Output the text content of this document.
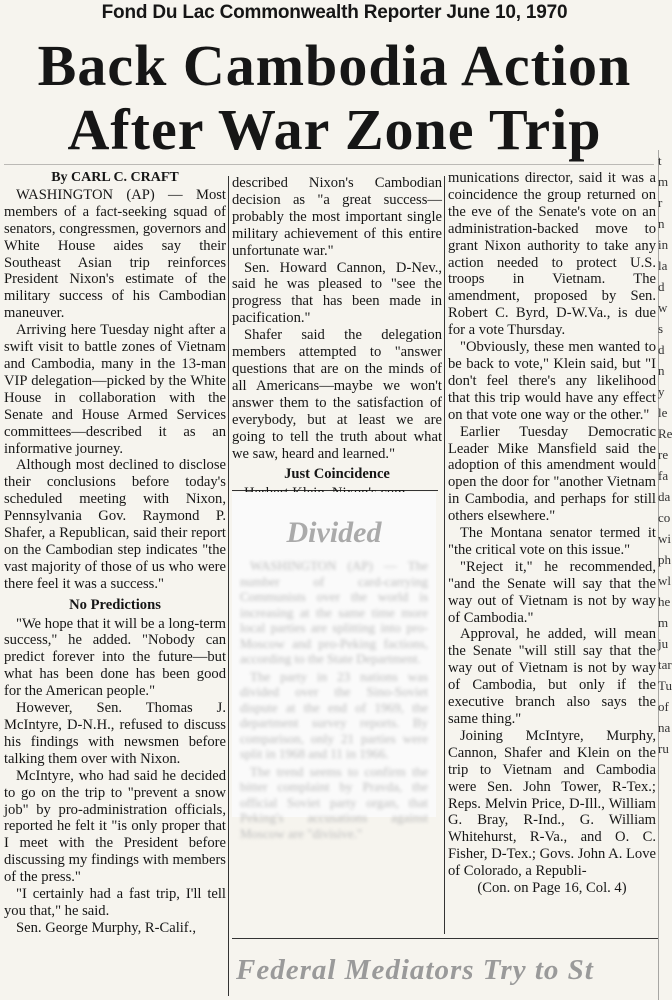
Fond Du Lac Commonwealth Reporter June 10, 1970
Back Cambodia Action
After War Zone Trip

By CARL C. CRAFT

WASHINGTON (AP) — Most members of a fact-seeking squad of senators, congressmen, governors and White House aides say their Southeast Asian trip reinforces President Nixon's estimate of the military success of his Cambodian maneuver.

Arriving here Tuesday night after a swift visit to battle zones of Vietnam and Cambodia, many in the 13-man VIP delegation—picked by the White House in collaboration with the Senate and House Armed Services committees—described it as an informative journey.

Although most declined to disclose their conclusions before today's scheduled meeting with Nixon, Pennsylvania Gov. Raymond P. Shafer, a Republican, said their report on the Cambodian step indicates "the vast majority of those of us who were there feel it was a success."

No Predictions

"We hope that it will be a long-term success," he added. "Nobody can predict forever into the future—but what has been done has been good for the American people."

However, Sen. Thomas J. McIntyre, D-N.H., refused to discuss his findings with newsmen before talking them over with Nixon.

McIntyre, who had said he decided to go on the trip to "prevent a snow job" by pro-administration officials, reported he felt it "is only proper that I meet with the President before discussing my findings with members of the press."

"I certainly had a fast trip, I'll tell you that," he said.

Sen. George Murphy, R-Calif.,

described Nixon's Cambodian decision as "a great success—probably the most important single military achievement of this entire unfortunate war."

Sen. Howard Cannon, D-Nev., said he was pleased to "see the progress that has been made in pacification."

Shafer said the delegation members attempted to "answer questions that are on the minds of all Americans—maybe we won't answer them to the satisfaction of everybody, but at least we are going to tell the truth about what we saw, heard and learned."

Just Coincidence

Divided

WASHINGTON (AP) — The number of card-carrying Communists over the world is increasing at the same time more local parties are splitting into pro-Moscow and pro-Peking factions, according to the State Department.

The party in 23 nations was divided over the Sino-Soviet dispute at the end of 1969, the department survey reports. By comparison, only 21 parties were split in 1968 and 11 in 1966.

The trend seems to confirm the bitter complaint by Pravda, the official Soviet party organ, that Peking's accusations against Moscow are "divisive."

munications director, said it was a coincidence the group returned on the eve of the Senate's vote on an administration-backed move to grant Nixon authority to take any action needed to protect U.S. troops in Vietnam. The amendment, proposed by Sen. Robert C. Byrd, D-W.Va., is due for a vote Thursday.

"Obviously, these men wanted to be back to vote," Klein said, but "I don't feel there's any likelihood that this trip would have any effect on that vote one way or the other."

Earlier Tuesday Democratic Leader Mike Mansfield said the adoption of this amendment would open the door for "another Vietnam in Cambodia, and perhaps for still others elsewhere."

The Montana senator termed it "the critical vote on this issue."

"Reject it," he recommended, "and the Senate will say that the way out of Vietnam is not by way of Cambodia."

Approval, he added, will mean the Senate "will still say that the way out of Vietnam is not by way of Cambodia, but only if the executive branch also says the same thing."

Joining McIntyre, Murphy, Cannon, Shafer and Klein on the trip to Vietnam and Cambodia were Sen. John Tower, R-Tex.; Reps. Melvin Price, D-Ill., William G. Bray, R-Ind., G. William Whitehurst, R-Va., and O. C. Fisher, D-Tex.; Govs. John A. Love of Colorado, a Republi-

(Con. on Page 16, Col. 4)

t
m
r
n
in
la
d
w
s
d
n
y
le
Re
re
fa
da
co
wi
ph
wl
he
m
ju
tar
Tu
of
na
ru
Federal Mediators Try to St
